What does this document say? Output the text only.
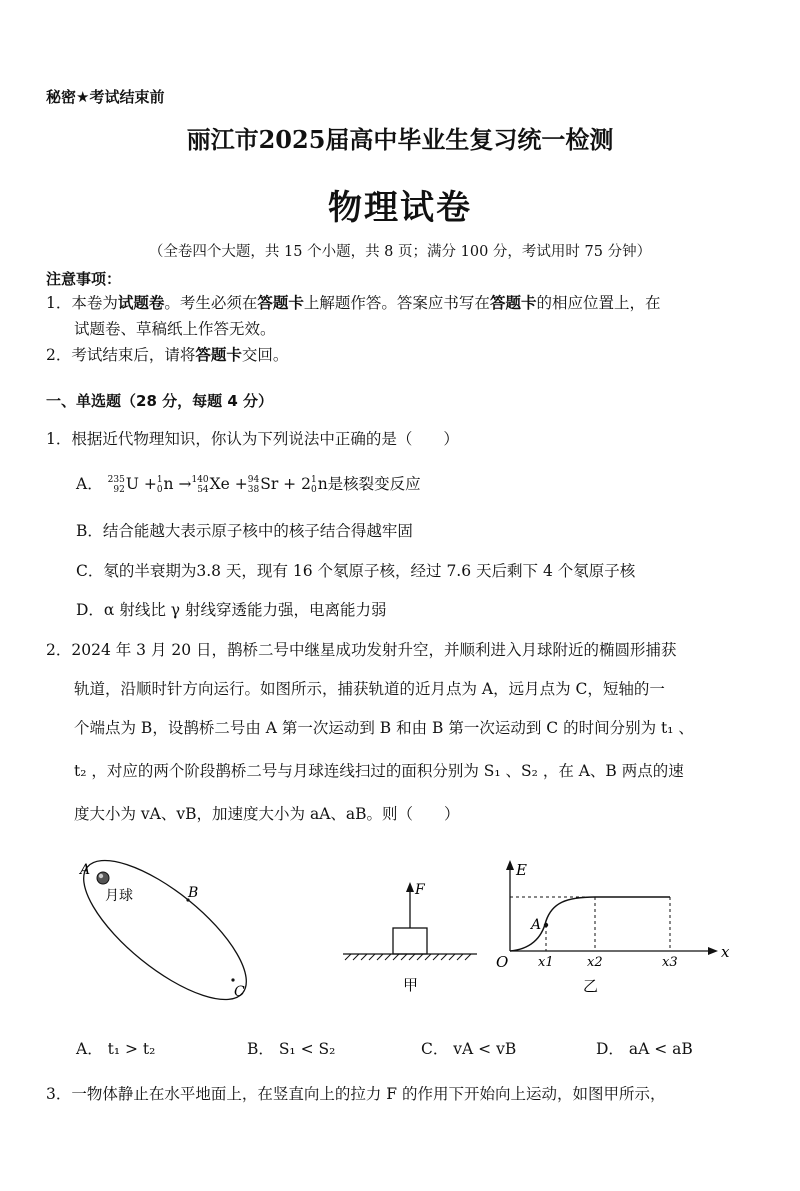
秘密★考试结束前
丽江市2025届高中毕业生复习统一检测
物理试卷
（全卷四个大题，共 15 个小题，共 8 页；满分 100 分，考试用时 75 分钟）
注意事项：
1．本卷为试题卷。考生必须在答题卡上解题作答。答案应书写在答题卡的相应位置上，在
试题卷、草稿纸上作答无效。
2．考试结束后，请将答题卡交回。
一、单选题（28 分，每题 4 分）
1．根据近代物理知识，你认为下列说法中正确的是（　　）
A． 235
92 U + 1
0 n → 140
54 Xe + 94
38 Sr + 2 1
0 n是核裂变反应
B．结合能越大表示原子核中的核子结合得越牢固
C．氡的半衰期为3.8 天，现有 16 个氡原子核，经过 7.6 天后剩下 4 个氡原子核
D．α 射线比 γ 射线穿透能力强，电离能力弱
2．2024 年 3 月 20 日，鹊桥二号中继星成功发射升空，并顺利进入月球附近的椭圆形捕获
轨道，沿顺时针方向运行。如图所示，捕获轨道的近月点为 A，远月点为 C，短轴的一
个端点为 B，设鹊桥二号由 A 第一次运动到 B 和由 B 第一次运动到 C 的时间分别为 t₁ 、
t₂ ，对应的两个阶段鹊桥二号与月球连线扫过的面积分别为 S₁ 、S₂ ，在 A、B 两点的速
度大小为 vA、vB，加速度大小为 aA、aB。则（　　）
A
月球	B
C
F
甲
E
x
O
A
x1	x2	x3
乙
A． t₁ > t₂	B． S₁ < S₂	C． vA < vB	D． aA < aB
3．一物体静止在水平地面上，在竖直向上的拉力 F 的作用下开始向上运动，如图甲所示，
